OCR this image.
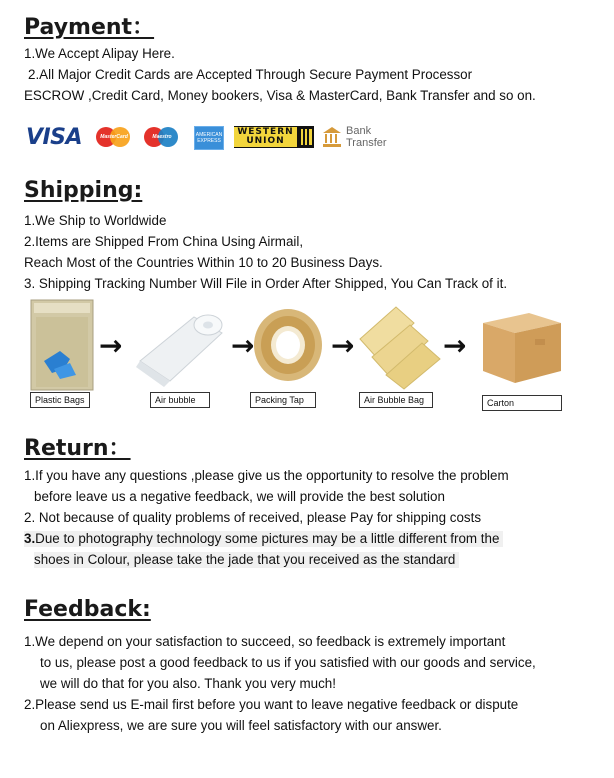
Payment：
1.We Accept Alipay Here.
2.All Major Credit Cards are Accepted Through Secure Payment Processor
ESCROW ,Credit Card, Money bookers, Visa & MasterCard, Bank Transfer and so on.
VISA	MasterCard	Maestro	AMERICAN EXPRESS
WESTERN
UNION
Bank
Transfer
Shipping:
1.We Ship to Worldwide
2.Items are Shipped From China Using Airmail,
Reach Most of the Countries Within 10 to 20 Business Days.
3. Shipping Tracking Number Will File in Order After Shipped, You Can Track of it.
→	→	→	→
Plastic Bags	Air bubble	Packing Tap	Air Bubble Bag	Carton
Return：
1.If you have any questions ,please give us the opportunity to resolve the problem
before leave us a negative feedback, we will provide the best solution
2. Not because of quality problems of received, please Pay for shipping costs
3.Due to photography technology some pictures may be a little different from the
shoes in Colour, please take the jade that you received as the standard
Feedback:
1.We depend on your satisfaction to succeed, so feedback is extremely important
to us, please post a good feedback to us if you satisfied with our goods and service,
we will do that for you also. Thank you very much!
2.Please send us E-mail first before you want to leave negative feedback or dispute
on Aliexpress, we are sure you will feel satisfactory with our answer.
